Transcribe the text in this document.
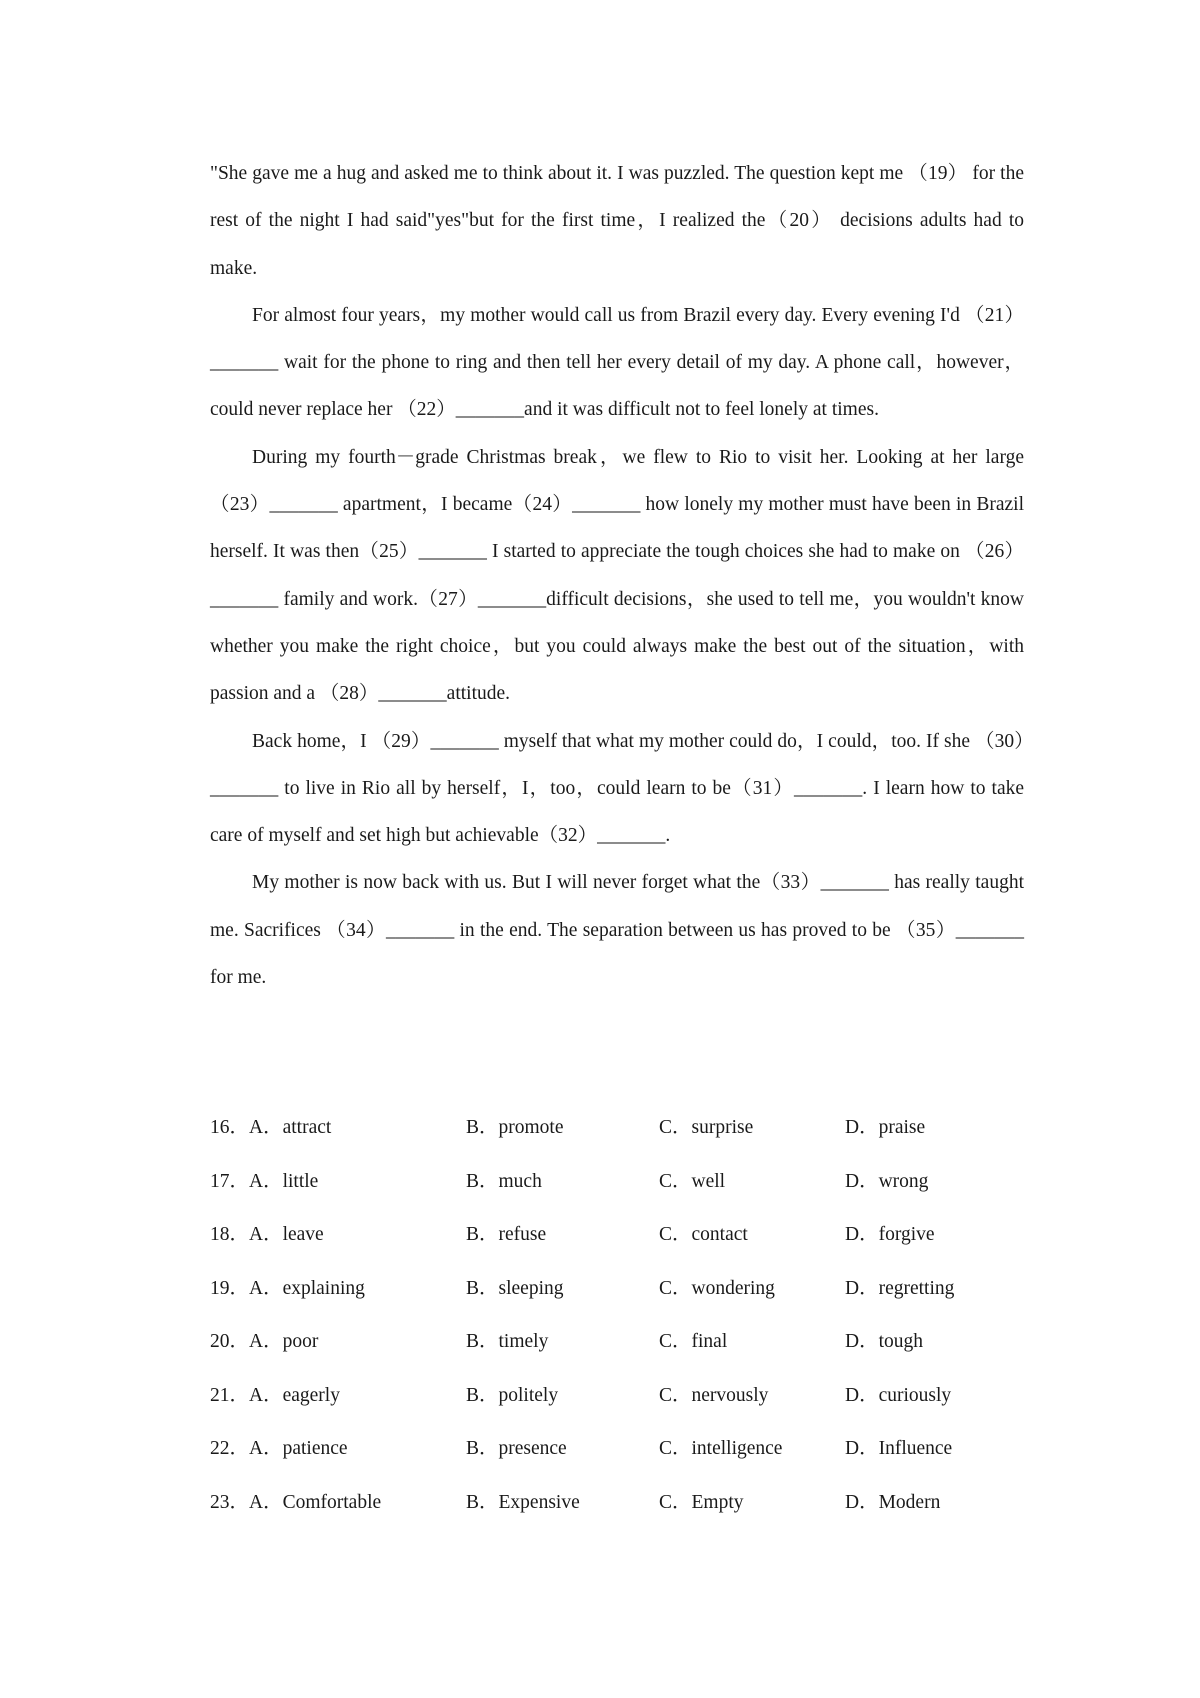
"She gave me a hug and asked me to think about it. I was puzzled. The question kept me （19） for the rest of the night I had said"yes"but for the first time，I realized the（20） decisions adults had to make.

For almost four years，my mother would call us from Brazil every day. Every evening I'd （21）_______ wait for the phone to ring and then tell her every detail of my day. A phone call，however，could never replace her （22）_______and it was difficult not to feel lonely at times.

During my fourth－grade Christmas break，we flew to Rio to visit her. Looking at her large （23）_______ apartment，I became（24）_______ how lonely my mother must have been in Brazil herself. It was then（25）_______ I started to appreciate the tough choices she had to make on （26）_______ family and work.（27）_______difficult decisions，she used to tell me，you wouldn't know whether you make the right choice，but you could always make the best out of the situation，with passion and a （28）_______attitude.

Back home，I （29）_______ myself that what my mother could do，I could，too. If she （30）_______ to live in Rio all by herself，I，too，could learn to be（31）_______. I learn how to take care of myself and set high but achievable（32）_______.

My mother is now back with us. But I will never forget what the（33）_______ has really taught me. Sacrifices （34）_______ in the end. The separation between us has proved to be （35）_______ for me.

16．A．attract	B．promote	C．surprise	D．praise
17．A．little	B．much	C．well	D．wrong
18．A．leave	B．refuse	C．contact	D．forgive
19．A．explaining	B．sleeping	C．wondering	D．regretting
20．A．poor	B．timely	C．final	D．tough
21．A．eagerly	B．politely	C．nervously	D．curiously
22．A．patience	B．presence	C．intelligence	D．Influence
23．A．Comfortable	B．Expensive	C．Empty	D．Modern
